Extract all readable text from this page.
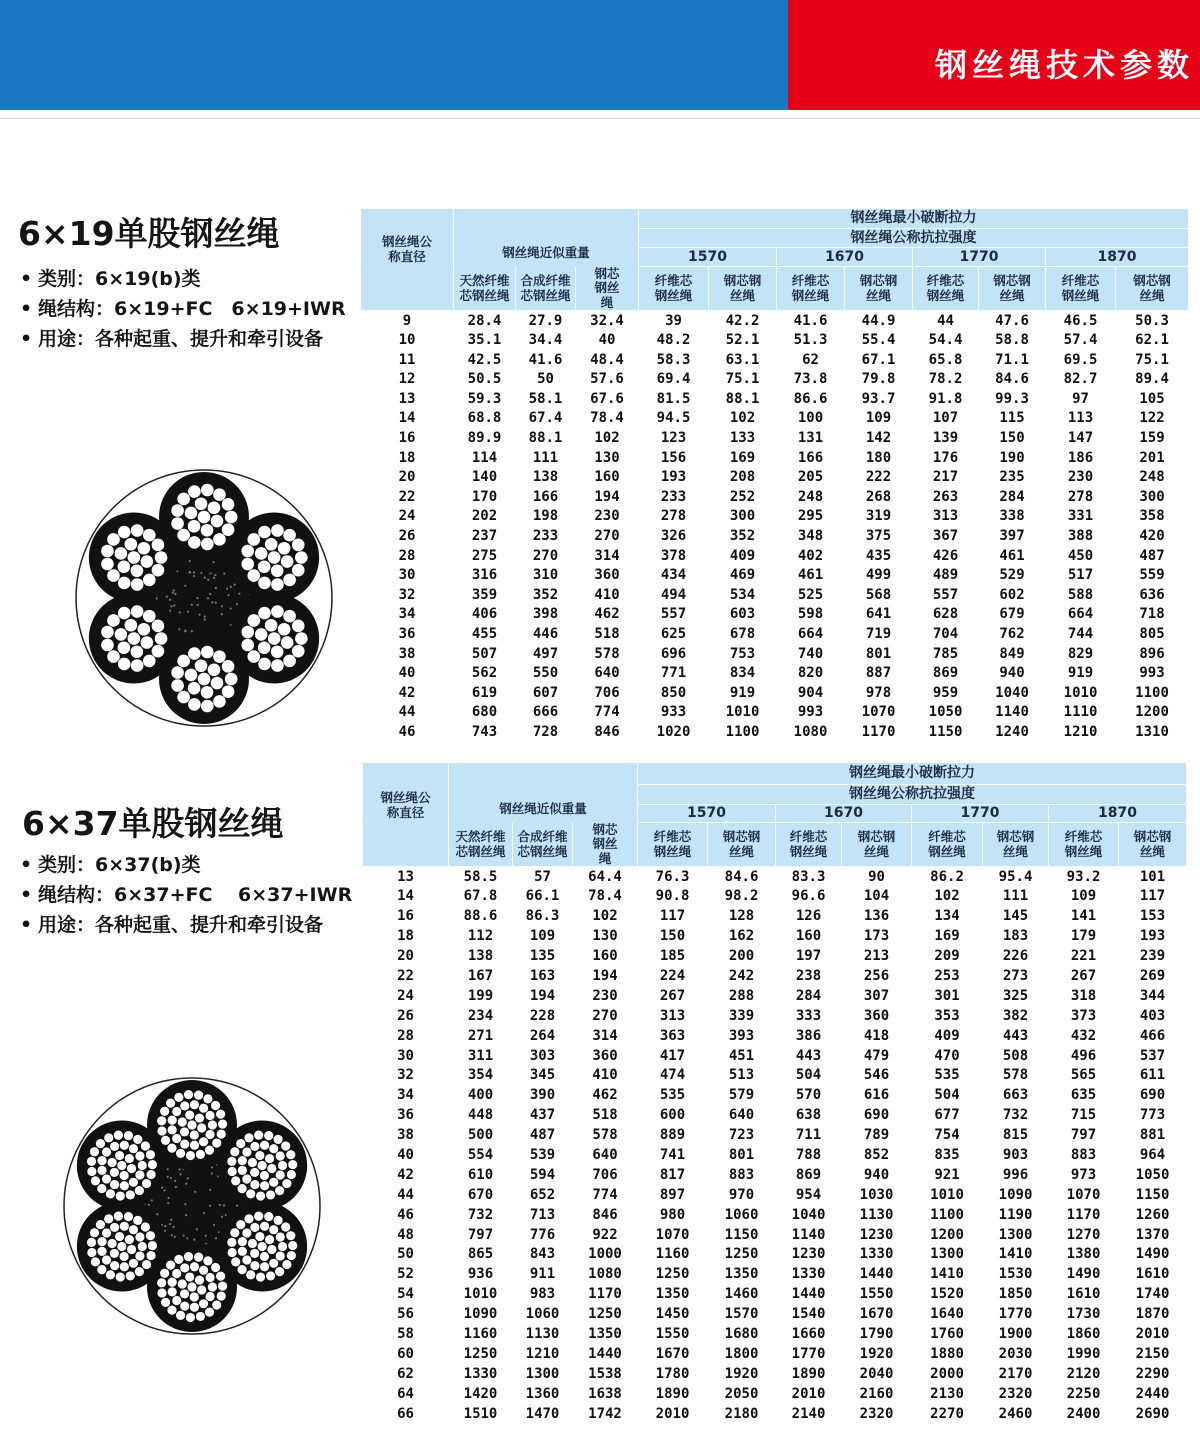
钢丝绳技术参数
6×19单股钢丝绳
• 类别：6×19(b)类
• 绳结构：6×19+FC　6×19+IWR
• 用途：各种起重、提升和牵引设备
钢丝绳公称直径	钢丝绳近似重量			钢丝绳最小破断拉力							
				钢丝绳公称抗拉强度							
				1570		1670		1770		1870	
	天然纤维芯钢丝绳	合成纤维芯钢丝绳	钢芯钢丝绳	纤维芯钢丝绳	钢芯钢丝绳	纤维芯钢丝绳	钢芯钢丝绳	纤维芯钢丝绳	钢芯钢丝绳	纤维芯钢丝绳	钢芯钢丝绳
9	28.4	27.9	32.4	39	42.2	41.6	44.9	44	47.6	46.5	50.3
10	35.1	34.4	40	48.2	52.1	51.3	55.4	54.4	58.8	57.4	62.1
11	42.5	41.6	48.4	58.3	63.1	62	67.1	65.8	71.1	69.5	75.1
12	50.5	50	57.6	69.4	75.1	73.8	79.8	78.2	84.6	82.7	89.4
13	59.3	58.1	67.6	81.5	88.1	86.6	93.7	91.8	99.3	97	105
14	68.8	67.4	78.4	94.5	102	100	109	107	115	113	122
16	89.9	88.1	102	123	133	131	142	139	150	147	159
18	114	111	130	156	169	166	180	176	190	186	201
20	140	138	160	193	208	205	222	217	235	230	248
22	170	166	194	233	252	248	268	263	284	278	300
24	202	198	230	278	300	295	319	313	338	331	358
26	237	233	270	326	352	348	375	367	397	388	420
28	275	270	314	378	409	402	435	426	461	450	487
30	316	310	360	434	469	461	499	489	529	517	559
32	359	352	410	494	534	525	568	557	602	588	636
34	406	398	462	557	603	598	641	628	679	664	718
36	455	446	518	625	678	664	719	704	762	744	805
38	507	497	578	696	753	740	801	785	849	829	896
40	562	550	640	771	834	820	887	869	940	919	993
42	619	607	706	850	919	904	978	959	1040	1010	1100
44	680	666	774	933	1010	993	1070	1050	1140	1110	1200
46	743	728	846	1020	1100	1080	1170	1150	1240	1210	1310
6×37单股钢丝绳
• 类别：6×37(b)类
• 绳结构：6×37+FC　 6×37+IWR
• 用途：各种起重、提升和牵引设备
钢丝绳公称直径	钢丝绳近似重量			钢丝绳最小破断拉力							
				钢丝绳公称抗拉强度							
				1570		1670		1770		1870	
	天然纤维芯钢丝绳	合成纤维芯钢丝绳	钢芯钢丝绳	纤维芯钢丝绳	钢芯钢丝绳	纤维芯钢丝绳	钢芯钢丝绳	纤维芯钢丝绳	钢芯钢丝绳	纤维芯钢丝绳	钢芯钢丝绳
13	58.5	57	64.4	76.3	84.6	83.3	90	86.2	95.4	93.2	101
14	67.8	66.1	78.4	90.8	98.2	96.6	104	102	111	109	117
16	88.6	86.3	102	117	128	126	136	134	145	141	153
18	112	109	130	150	162	160	173	169	183	179	193
20	138	135	160	185	200	197	213	209	226	221	239
22	167	163	194	224	242	238	256	253	273	267	269
24	199	194	230	267	288	284	307	301	325	318	344
26	234	228	270	313	339	333	360	353	382	373	403
28	271	264	314	363	393	386	418	409	443	432	466
30	311	303	360	417	451	443	479	470	508	496	537
32	354	345	410	474	513	504	546	535	578	565	611
34	400	390	462	535	579	570	616	504	663	635	690
36	448	437	518	600	640	638	690	677	732	715	773
38	500	487	578	889	723	711	789	754	815	797	881
40	554	539	640	741	801	788	852	835	903	883	964
42	610	594	706	817	883	869	940	921	996	973	1050
44	670	652	774	897	970	954	1030	1010	1090	1070	1150
46	732	713	846	980	1060	1040	1130	1100	1190	1170	1260
48	797	776	922	1070	1150	1140	1230	1200	1300	1270	1370
50	865	843	1000	1160	1250	1230	1330	1300	1410	1380	1490
52	936	911	1080	1250	1350	1330	1440	1410	1530	1490	1610
54	1010	983	1170	1350	1460	1440	1550	1520	1850	1610	1740
56	1090	1060	1250	1450	1570	1540	1670	1640	1770	1730	1870
58	1160	1130	1350	1550	1680	1660	1790	1760	1900	1860	2010
60	1250	1210	1440	1670	1800	1770	1920	1880	2030	1990	2150
62	1330	1300	1538	1780	1920	1890	2040	2000	2170	2120	2290
64	1420	1360	1638	1890	2050	2010	2160	2130	2320	2250	2440
66	1510	1470	1742	2010	2180	2140	2320	2270	2460	2400	2690
